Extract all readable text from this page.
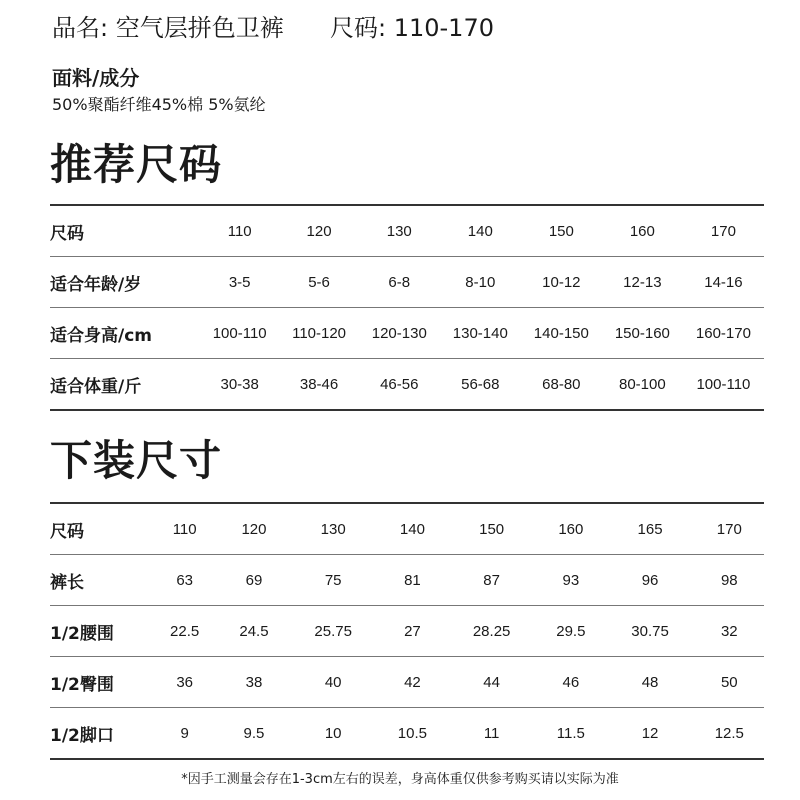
品名: 空气层拼色卫裤 尺码: 110-170
面料/成分
50%聚酯纤维45%棉 5%氨纶
推荐尺码
尺码	110	120	130	140	150	160	170
适合年龄/岁	3-5	5-6	6-8	8-10	10-12	12-13	14-16
适合身高/cm	100-110	110-120	120-130	130-140	140-150	150-160	160-170
适合体重/斤	30-38	38-46	46-56	56-68	68-80	80-100	100-110
下装尺寸
尺码	110	120	130	140	150	160	165	170
裤长	63	69	75	81	87	93	96	98
1/2腰围	22.5	24.5	25.75	27	28.25	29.5	30.75	32
1/2臀围	36	38	40	42	44	46	48	50
1/2脚口	9	9.5	10	10.5	11	11.5	12	12.5
*因手工测量会存在1-3cm左右的误差，身高体重仅供参考购买请以实际为准
